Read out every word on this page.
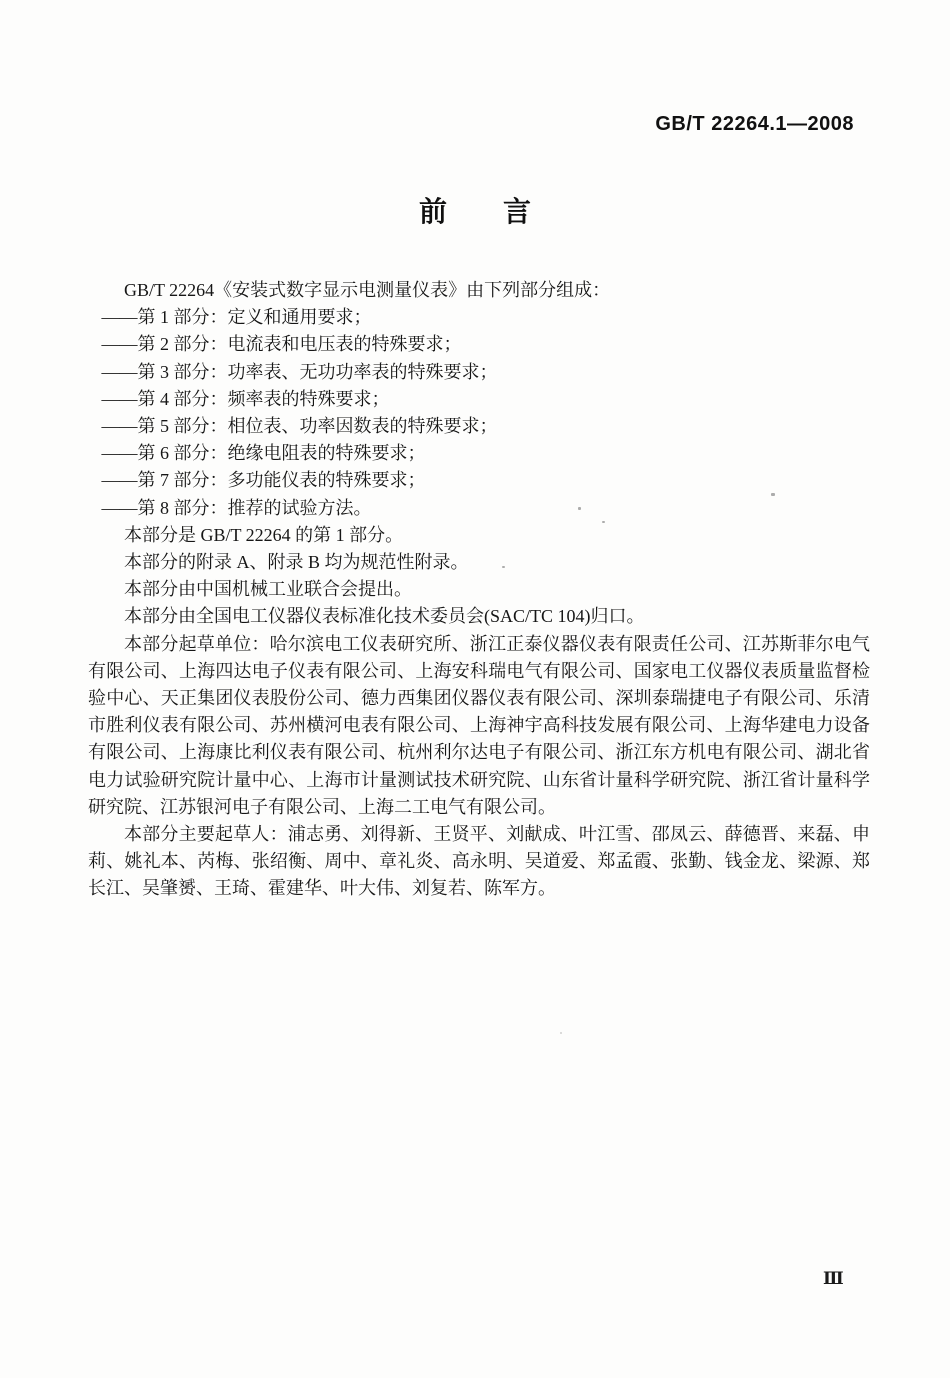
GB/T 22264.1—2008
前　　言

GB/T 22264《安装式数字显示电测量仪表》由下列部分组成：

——第 1 部分：定义和通用要求；

——第 2 部分：电流表和电压表的特殊要求；

——第 3 部分：功率表、无功功率表的特殊要求；

——第 4 部分：频率表的特殊要求；

——第 5 部分：相位表、功率因数表的特殊要求；

——第 6 部分：绝缘电阻表的特殊要求；

——第 7 部分：多功能仪表的特殊要求；

——第 8 部分：推荐的试验方法。

本部分是 GB/T 22264 的第 1 部分。

本部分的附录 A、附录 B 均为规范性附录。

本部分由中国机械工业联合会提出。

本部分由全国电工仪器仪表标准化技术委员会(SAC/TC 104)归口。

本部分起草单位：哈尔滨电工仪表研究所、浙江正泰仪器仪表有限责任公司、江苏斯菲尔电气有限公司、上海四达电子仪表有限公司、上海安科瑞电气有限公司、国家电工仪器仪表质量监督检验中心、天正集团仪表股份公司、德力西集团仪器仪表有限公司、深圳泰瑞捷电子有限公司、乐清市胜利仪表有限公司、苏州横河电表有限公司、上海神宇高科技发展有限公司、上海华建电力设备有限公司、上海康比利仪表有限公司、杭州利尔达电子有限公司、浙江东方机电有限公司、湖北省电力试验研究院计量中心、上海市计量测试技术研究院、山东省计量科学研究院、浙江省计量科学研究院、江苏银河电子有限公司、上海二工电气有限公司。

本部分主要起草人：浦志勇、刘得新、王贤平、刘献成、叶江雪、邵凤云、薛德晋、来磊、申莉、姚礼本、芮梅、张绍衡、周中、章礼炎、高永明、吴道爱、郑孟霞、张勤、钱金龙、梁源、郑长江、吴肇赟、王琦、霍建华、叶大伟、刘复若、陈军方。

Ⅲ
